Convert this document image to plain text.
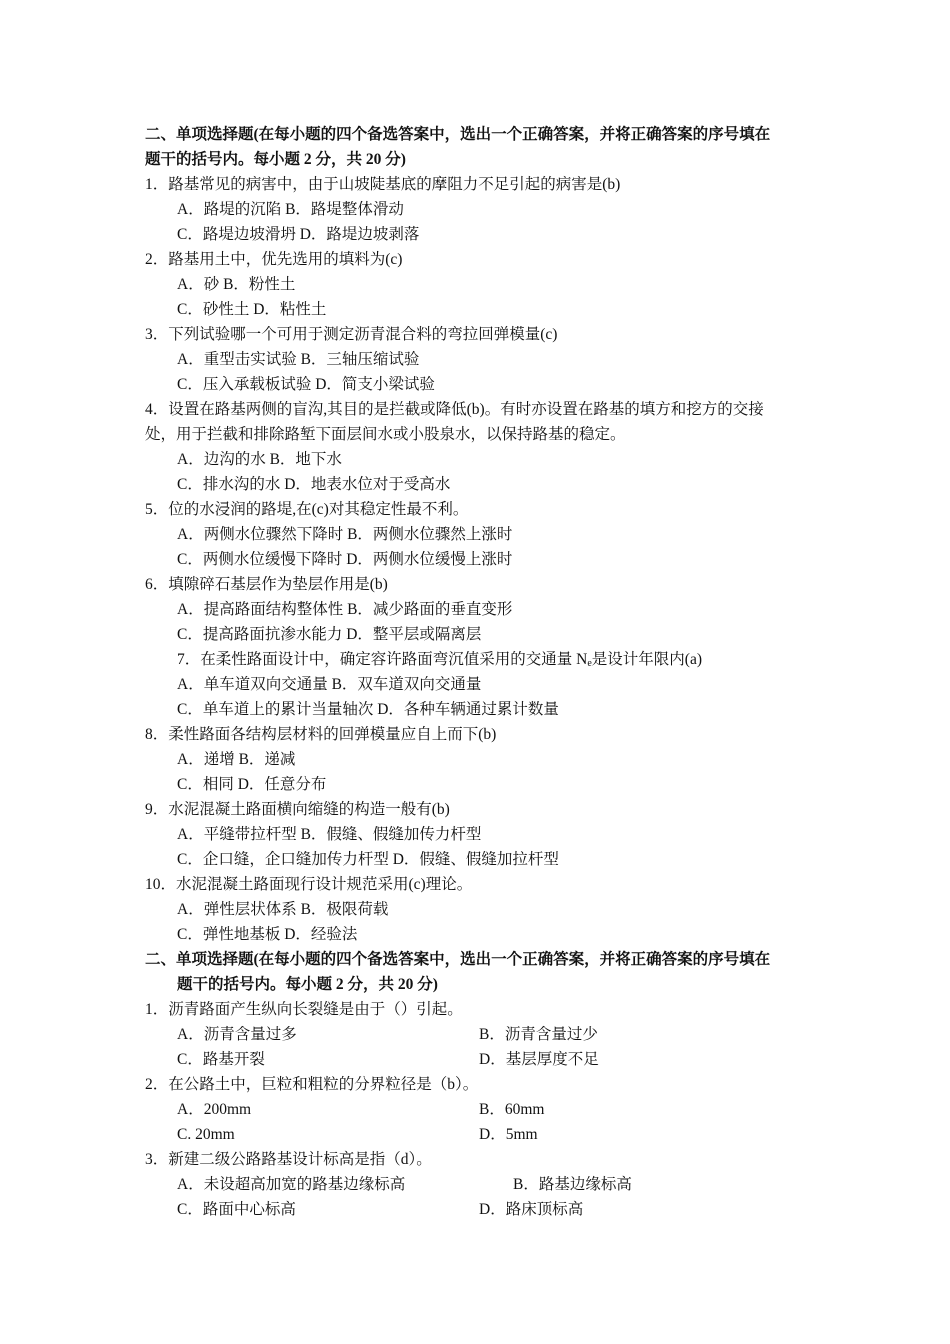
二、单项选择题(在每小题的四个备选答案中，选出一个正确答案，并将正确答案的序号填在
题干的括号内。每小题 2 分，共 20 分)
1．路基常见的病害中，由于山坡陡基底的摩阻力不足引起的病害是(b)
A．路堤的沉陷 B．路堤整体滑动
C．路堤边坡滑坍 D．路堤边坡剥落
2．路基用土中，优先选用的填料为(c)
A．砂 B．粉性土
C．砂性土 D．粘性土
3．下列试验哪一个可用于测定沥青混合料的弯拉回弹模量(c)
A．重型击实试验 B．三轴压缩试验
C．压入承载板试验 D．简支小梁试验
4．设置在路基两侧的盲沟,其目的是拦截或降低(b)。有时亦设置在路基的填方和挖方的交接
处，用于拦截和排除路堑下面层间水或小股泉水，以保持路基的稳定。
A．边沟的水 B．地下水
C．排水沟的水 D．地表水位对于受高水
5．位的水浸润的路堤,在(c)对其稳定性最不利。
A．两侧水位骤然下降时 B．两侧水位骤然上涨时
C．两侧水位缓慢下降时 D．两侧水位缓慢上涨时
6．填隙碎石基层作为垫层作用是(b)
A．提高路面结构整体性 B．减少路面的垂直变形
C．提高路面抗渗水能力 D．整平层或隔离层
7．在柔性路面设计中，确定容许路面弯沉值采用的交通量 $N_e$是设计年限内(a)
A．单车道双向交通量 B．双车道双向交通量
C．单车道上的累计当量轴次 D．各种车辆通过累计数量
8．柔性路面各结构层材料的回弹模量应自上而下(b)
A．递增 B．递减
C．相同 D．任意分布
9．水泥混凝土路面横向缩缝的构造一般有(b)
A．平缝带拉杆型 B．假缝、假缝加传力杆型
C．企口缝，企口缝加传力杆型 D．假缝、假缝加拉杆型
10．水泥混凝土路面现行设计规范采用(c)理论。
A．弹性层状体系 B．极限荷载
C．弹性地基板 D．经验法
二、单项选择题(在每小题的四个备选答案中，选出一个正确答案，并将正确答案的序号填在
题干的括号内。每小题 2 分，共 20 分)
1．沥青路面产生纵向长裂缝是由于（）引起。
A．沥青含量过多	B．沥青含量过少
C．路基开裂	D．基层厚度不足
2．在公路土中，巨粒和粗粒的分界粒径是（b）。
A．200mm	B．60mm
C. 20mm	D．5mm
3．新建二级公路路基设计标高是指（d）。
A．未设超高加宽的路基边缘标高	B．路基边缘标高
C．路面中心标高	D．路床顶标高
